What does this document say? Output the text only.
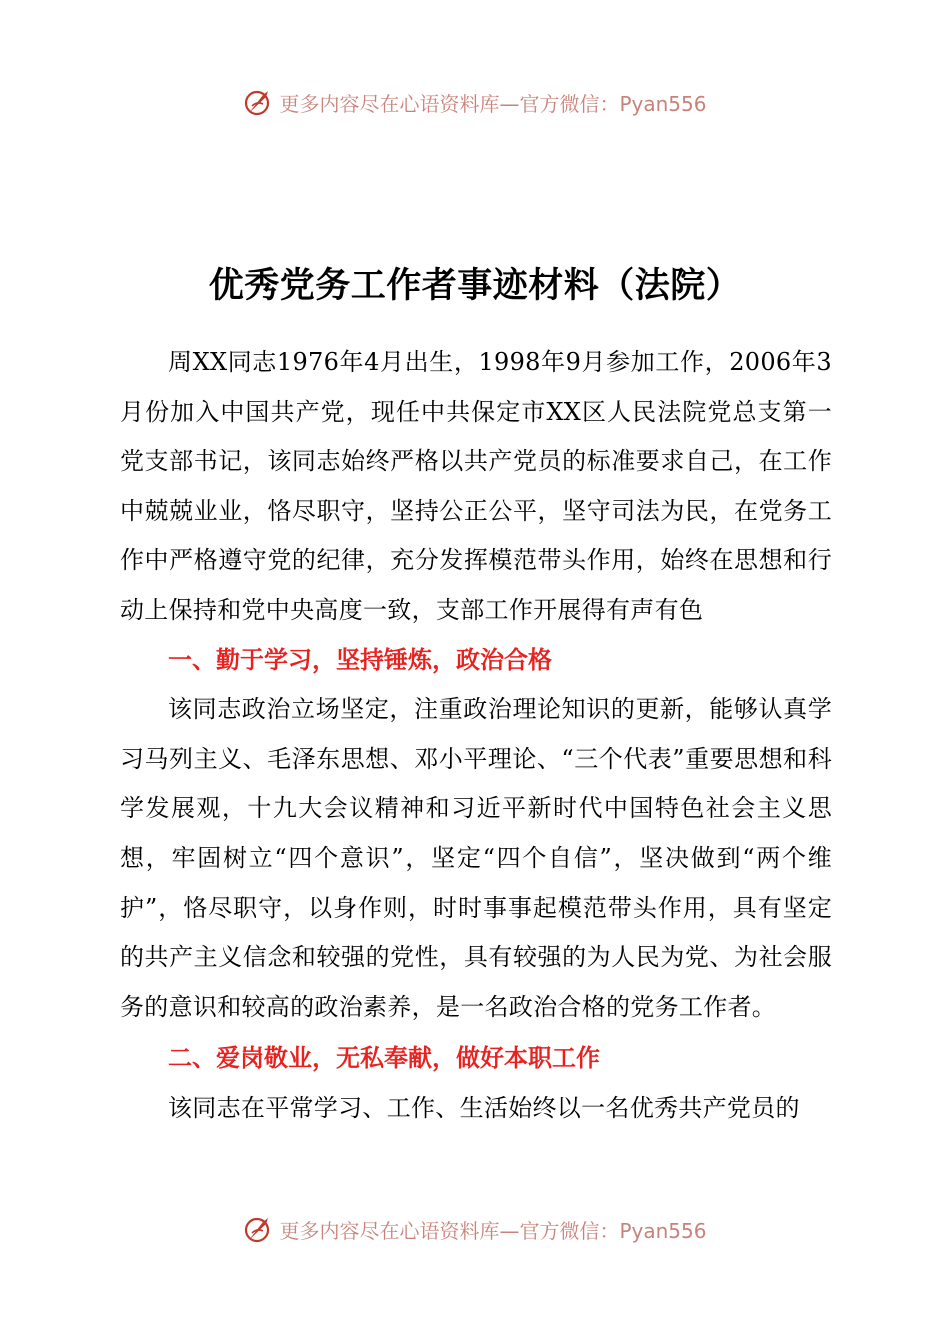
更多内容尽在心语资料库—官方微信：Pyan556
优秀党务工作者事迹材料（法院）

周XX同志1976年4月出生，1998年9月参加工作，2006年3月份加入中国共产党，现任中共保定市XX区人民法院党总支第一党支部书记，该同志始终严格以共产党员的标准要求自己，在工作中兢兢业业，恪尽职守，坚持公正公平，坚守司法为民，在党务工作中严格遵守党的纪律，充分发挥模范带头作用，始终在思想和行动上保持和党中央高度一致，支部工作开展得有声有色

一、勤于学习，坚持锤炼，政治合格

该同志政治立场坚定，注重政治理论知识的更新，能够认真学习马列主义、毛泽东思想、邓小平理论、“三个代表”重要思想和科学发展观，十九大会议精神和习近平新时代中国特色社会主义思想，牢固树立“四个意识”，坚定“四个自信”，坚决做到“两个维护”，恪尽职守，以身作则，时时事事起模范带头作用，具有坚定的共产主义信念和较强的党性，具有较强的为人民为党、为社会服务的意识和较高的政治素养，是一名政治合格的党务工作者。

二、爱岗敬业，无私奉献，做好本职工作

该同志在平常学习、工作、生活始终以一名优秀共产党员的

更多内容尽在心语资料库—官方微信：Pyan556
